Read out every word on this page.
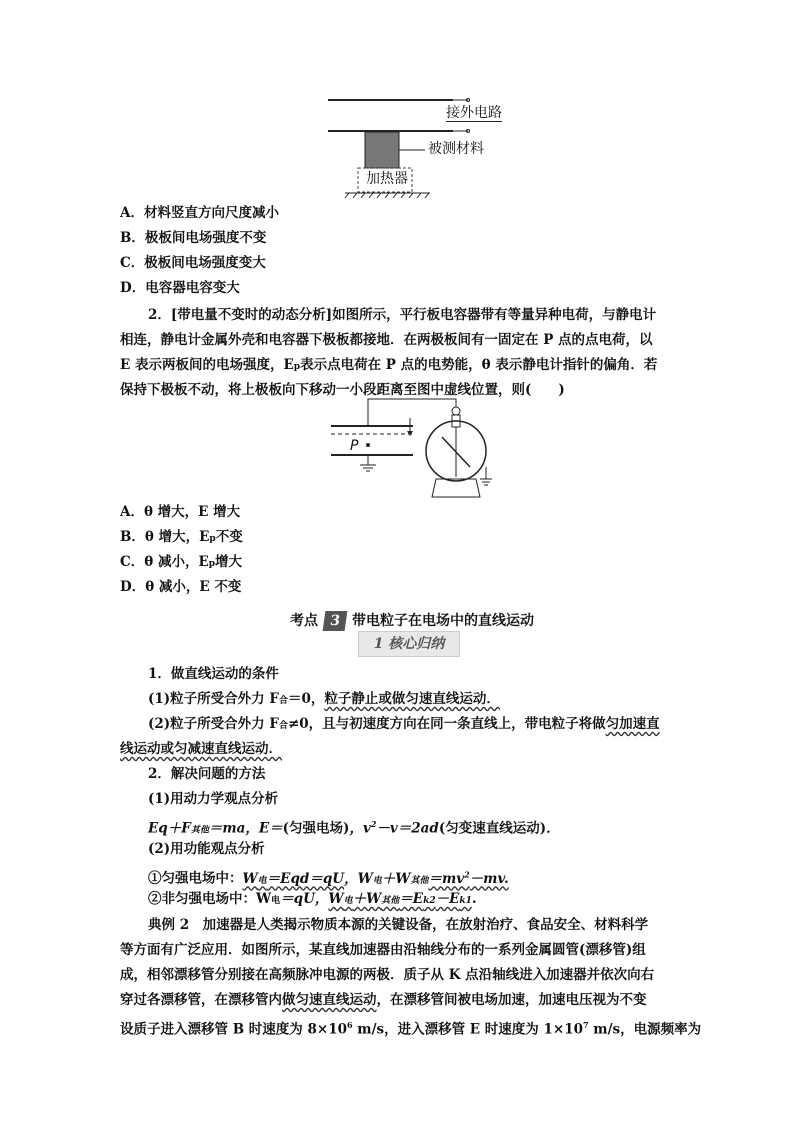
接外电路
被测材料
加热器
A．材料竖直方向尺度减小
B．极板间电场强度不变
C．极板间电场强度变大
D．电容器电容变大
2．[带电量不变时的动态分析]如图所示，平行板电容器带有等量异种电荷，与静电计
相连，静电计金属外壳和电容器下极板都接地．在两极板间有一固定在 P 点的点电荷，以
E 表示两板间的电场强度，Ep表示点电荷在 P 点的电势能，θ 表示静电计指针的偏角．若
保持下极板不动，将上极板向下移动一小段距离至图中虚线位置，则(　　)
P
A．θ 增大，E 增大
B．θ 增大，Ep不变
C．θ 减小，Ep增大
D．θ 减小，E 不变
考点 3 带电粒子在电场中的直线运动
1 核心归纳
1．做直线运动的条件
(1)粒子所受合外力 F合＝0，粒子静止或做匀速直线运动．
(2)粒子所受合外力 F合≠0，且与初速度方向在同一条直线上，带电粒子将做匀加速直
线运动或匀减速直线运动．
2．解决问题的方法
(1)用动力学观点分析
Eq＋F其他＝ma，E＝(匀强电场)，$v^2-v=2ad$(匀变速直线运动)．
(2)用功能观点分析
①匀强电场中：W电＝Eqd＝qU，W电＋W其他$=mv^2-mv$.
②非匀强电场中：W电＝qU，W电＋W其他＝Ek2－Ek1.
典例 2　加速器是人类揭示物质本源的关键设备，在放射治疗、食品安全、材料科学
等方面有广泛应用．如图所示，某直线加速器由沿轴线分布的一系列金属圆管(漂移管)组
成，相邻漂移管分别接在高频脉冲电源的两极．质子从 K 点沿轴线进入加速器并依次向右
穿过各漂移管，在漂移管内做匀速直线运动，在漂移管间被电场加速，加速电压视为不变
设质子进入漂移管 B 时速度为 $8\times 10^6$ m/s，进入漂移管 E 时速度为 $1\times 10^7$ m/s，电源频率为
